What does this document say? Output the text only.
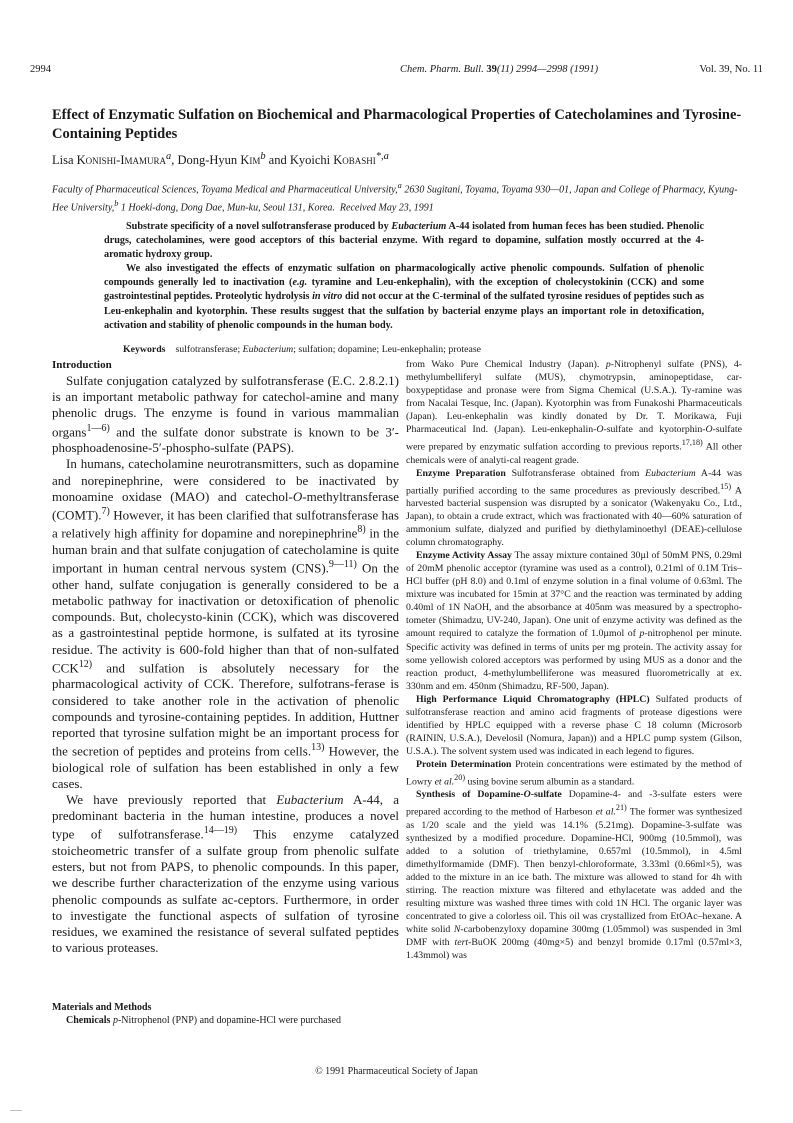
2994	Chem. Pharm. Bull. 39(11) 2994—2998 (1991)	Vol. 39, No. 11
Effect of Enzymatic Sulfation on Biochemical and Pharmacological Properties of Catecholamines and Tyrosine-Containing Peptides
Lisa Konishi-Imamura$^a$, Dong-Hyun Kim$^b$ and Kyoichi Kobashi$^{*,a}$
Faculty of Pharmaceutical Sciences, Toyama Medical and Pharmaceutical University,$^a$ 2630 Sugitani, Toyama, Toyama 930—01, Japan and College of Pharmacy, Kyung-Hee University,$^b$ 1 Hoeki-dong, Dong Dae, Mun-ku, Seoul 131, Korea. Received May 23, 1991

Substrate specificity of a novel sulfotransferase produced by Eubacterium A-44 isolated from human feces has been studied. Phenolic drugs, catecholamines, were good acceptors of this bacterial enzyme. With regard to dopamine, sulfation mostly occurred at the 4-aromatic hydroxy group.

We also investigated the effects of enzymatic sulfation on pharmacologically active phenolic compounds. Sulfation of phenolic compounds generally led to inactivation (e.g. tyramine and Leu-enkephalin), with the exception of cholecystokinin (CCK) and some gastrointestinal peptides. Proteolytic hydrolysis in vitro did not occur at the C-terminal of the sulfated tyrosine residues of peptides such as Leu-enkephalin and kyotorphin. These results suggest that the sulfation by bacterial enzyme plays an important role in detoxification, activation and stability of phenolic compounds in the human body.

Keywords sulfotransferase; Eubacterium; sulfation; dopamine; Leu-enkephalin; protease
Introduction

Sulfate conjugation catalyzed by sulfotransferase (E.C. 2.8.2.1) is an important metabolic pathway for catechol-amine and many phenolic drugs. The enzyme is found in various mammalian organs$^{1—6)}$ and the sulfate donor substrate is known to be 3′-phosphoadenosine-5′-phospho-sulfate (PAPS).

In humans, catecholamine neurotransmitters, such as dopamine and norepinephrine, were considered to be inactivated by monoamine oxidase (MAO) and catechol-O-methyltransferase (COMT).$^{7)}$ However, it has been clarified that sulfotransferase has a relatively high affinity for dopamine and norepinephrine$^{8)}$ in the human brain and that sulfate conjugation of catecholamine is quite important in human central nervous system (CNS).$^{9—11)}$ On the other hand, sulfate conjugation is generally considered to be a metabolic pathway for inactivation or detoxification of phenolic compounds. But, cholecysto-kinin (CCK), which was discovered as a gastrointestinal peptide hormone, is sulfated at its tyrosine residue. The activity is 600-fold higher than that of non-sulfated CCK$^{12)}$ and sulfation is absolutely necessary for the pharmacological activity of CCK. Therefore, sulfotrans-ferase is considered to take another role in the activation of phenolic compounds and tyrosine-containing peptides. In addition, Huttner reported that tyrosine sulfation might be an important process for the secretion of peptides and proteins from cells.$^{13)}$ However, the biological role of sulfation has been established in only a few cases.

We have previously reported that Eubacterium A-44, a predominant bacteria in the human intestine, produces a novel type of sulfotransferase.$^{14—19)}$ This enzyme catalyzed stoicheometric transfer of a sulfate group from phenolic sulfate esters, but not from PAPS, to phenolic compounds. In this paper, we describe further characterization of the enzyme using various phenolic compounds as sulfate ac-ceptors. Furthermore, in order to investigate the functional aspects of sulfation of tyrosine residues, we examined the resistance of several sulfated peptides to various proteases.

Materials and Methods

Chemicals p-Nitrophenol (PNP) and dopamine-HCl were purchased

from Wako Pure Chemical Industry (Japan). p-Nitrophenyl sulfate (PNS), 4-methylumbelliferyl sulfate (MUS), chymotrypsin, aminopeptidase, car-boxypeptidase and pronase were from Sigma Chemical (U.S.A.). Ty-ramine was from Nacalai Tesque, Inc. (Japan). Kyotorphin was from Funakoshi Pharmaceuticals (Japan). Leu-enkephalin was kindly donated by Dr. T. Morikawa, Fuji Pharmaceutical Ind. (Japan). Leu-enkephalin-O-sulfate and kyotorphin-O-sulfate were prepared by enzymatic sulfation according to previous reports.$^{17,18)}$ All other chemicals were of analyti-cal reagent grade.

Enzyme Preparation Sulfotransferase obtained from Eubacterium A-44 was partially purified according to the same procedures as previously described.$^{15)}$ A harvested bacterial suspension was disrupted by a sonicator (Wakenyaku Co., Ltd., Japan), to obtain a crude extract, which was fractionated with 40—60% saturation of ammonium sulfate, dialyzed and purified by diethylaminoethyl (DEAE)-cellulose column chromatography.

Enzyme Activity Assay The assay mixture contained 30µl of 50mM PNS, 0.29ml of 20mM phenolic acceptor (tyramine was used as a control), 0.21ml of 0.1M Tris–HCl buffer (pH 8.0) and 0.1ml of enzyme solution in a final volume of 0.63ml. The mixture was incubated for 15min at 37°C and the reaction was terminated by adding 0.40ml of 1N NaOH, and the absorbance at 405nm was measured by a spectropho-tometer (Shimadzu, UV-240, Japan). One unit of enzyme activity was defined as the amount required to catalyze the formation of 1.0µmol of p-nitrophenol per minute. Specific activity was defined in terms of units per mg protein. The activity assay for some yellowish colored acceptors was performed by using MUS as a donor and the reaction product, 4-methylumbelliferone was measured fluorometrically at ex. 330nm and em. 450nm (Shimadzu, RF-500, Japan).

High Performance Liquid Chromatography (HPLC) Sulfated products of sulfotransferase reaction and amino acid fragments of protease digestions were identified by HPLC equipped with a reverse phase C 18 column (Microsorb (RAININ, U.S.A.), Develosil (Nomura, Japan)) and a HPLC pump system (Gilson, U.S.A.). The solvent system used was indicated in each legend to figures.

Protein Determination Protein concentrations were estimated by the method of Lowry et al.$^{20)}$ using bovine serum albumin as a standard.

Synthesis of Dopamine-O-sulfate Dopamine-4- and -3-sulfate esters were prepared according to the method of Harbeson et al.$^{21)}$ The former was synthesized as 1/20 scale and the yield was 14.1% (5.21mg). Dopamine-3-sulfate was synthesized by a modified procedure. Dopamine-HCl, 900mg (10.5mmol), was added to a solution of triethylamine, 0.657ml (10.5mmol), in 4.5ml dimethylformamide (DMF). Then benzyl-chloroformate, 3.33ml (0.66ml×5), was added to the mixture in an ice bath. The mixture was allowed to stand for 4h with stirring. The reaction mixture was filtered and ethylacetate was added and the resulting mixture was washed three times with cold 1N HCl. The organic layer was concentrated to give a colorless oil. This oil was crystallized from EtOAc–hexane. A white solid N-carbobenzyloxy dopamine 300mg (1.05mmol) was suspended in 3ml DMF with tert-BuOK 200mg (40mg×5) and benzyl bromide 0.17ml (0.57ml×3, 1.43mmol) was

© 1991 Pharmaceutical Society of Japan
